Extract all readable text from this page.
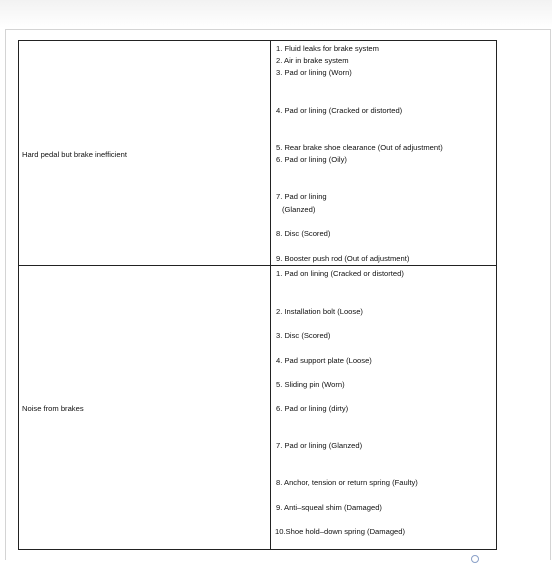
Hard pedal but brake inefficient
1. Fluid leaks for brake system
2. Air in brake system
3. Pad or lining (Worn)
4. Pad or lining (Cracked or distorted)
5. Rear brake shoe clearance (Out of adjustment)
6. Pad or lining (Oily)
7. Pad or lining
(Glanzed)
8. Disc (Scored)
9. Booster push rod (Out of adjustment)
Noise from brakes
1. Pad on lining (Cracked or distorted)
2. Installation bolt (Loose)
3. Disc (Scored)
4. Pad support plate (Loose)
5. Sliding pin (Worn)
6. Pad or lining (dirty)
7. Pad or lining (Glanzed)
8. Anchor, tension or return spring (Faulty)
9. Anti–squeal shim (Damaged)
10.Shoe hold–down spring (Damaged)
